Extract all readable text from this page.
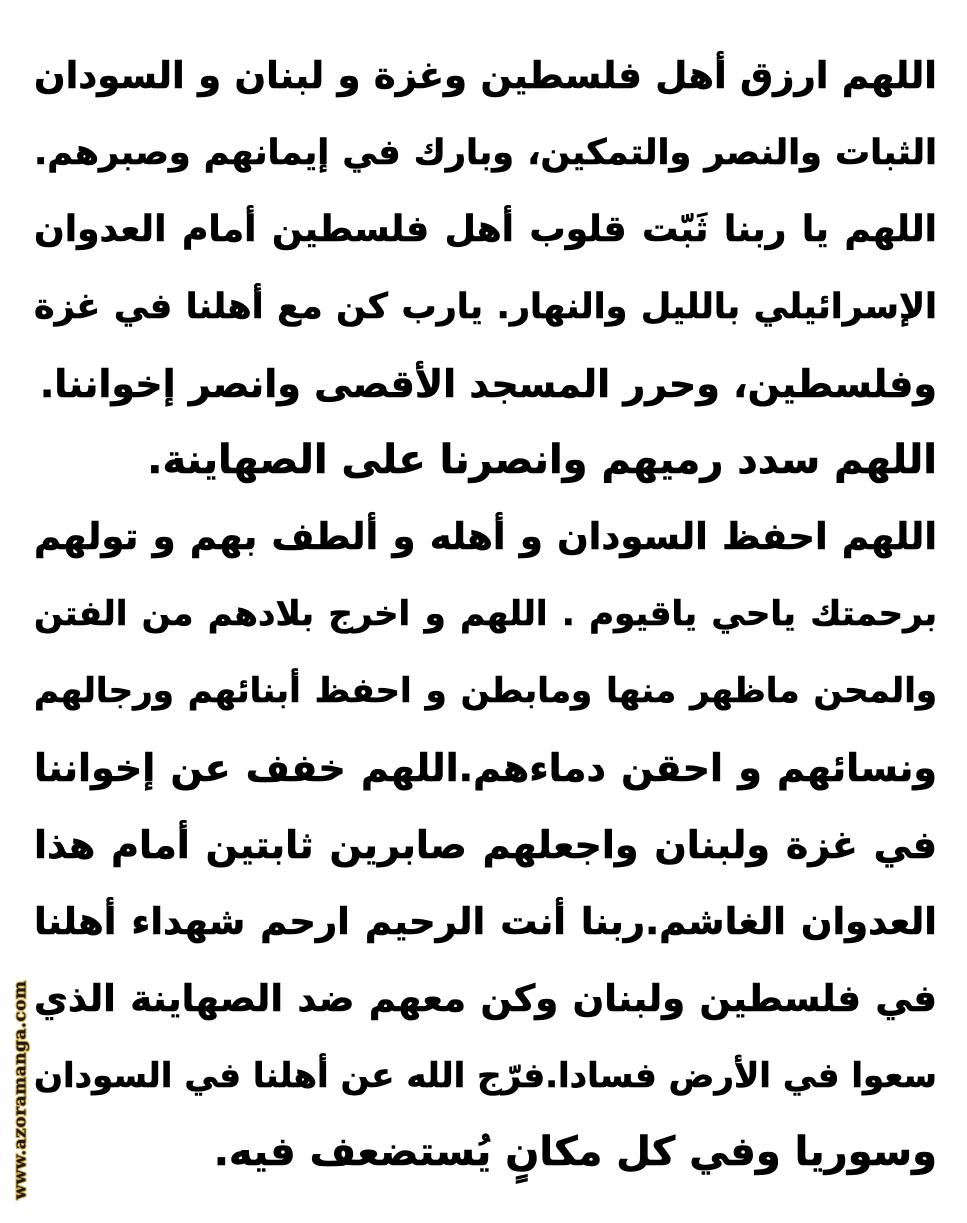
اللهم ارزق أهل فلسطين وغزة و لبنان و السودان
الثبات والنصر والتمكين، وبارك في إيمانهم وصبرهم.
اللهم يا ربنا ثَبّت قلوب أهل فلسطين أمام العدوان
الإسرائيلي بالليل والنهار. يارب كن مع أهلنا في غزة
وفلسطين، وحرر المسجد الأقصى وانصر إخواننا.
اللهم سدد رميهم وانصرنا على الصهاينة.
اللهم احفظ السودان و أهله و ألطف بهم و تولهم
برحمتك ياحي ياقيوم . اللهم و اخرج بلادهم من الفتن
والمحن ماظهر منها ومابطن و احفظ أبنائهم ورجالهم
ونسائهم و احقن دماءهم.اللهم خفف عن إخواننا
في غزة ولبنان واجعلهم صابرين ثابتين أمام هذا
العدوان الغاشم.ربنا أنت الرحيم ارحم شهداء أهلنا
في فلسطين ولبنان وكن معهم ضد الصهاينة الذي
سعوا في الأرض فسادا.فرّج الله عن أهلنا في السودان
وسوريا وفي كل مكانٍ يُستضعف فيه.
www.azoramanga.com
